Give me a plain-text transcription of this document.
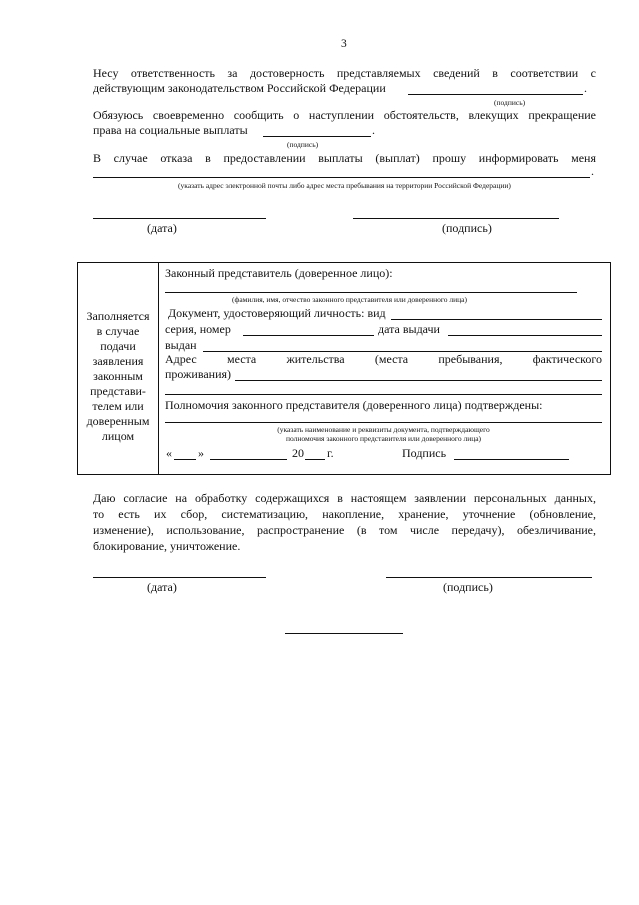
3
Несу ответственность за достоверность представляемых сведений в соответствии с
действующим законодательством Российской Федерации	.
(подпись)
Обязуюсь своевременно сообщить о наступлении обстоятельств, влекущих прекращение
права на социальные выплаты	.
(подпись)
В случае отказа в предоставлении выплаты (выплат) прошу информировать меня
.
(указать адрес электронной почты либо адрес места пребывания на территории Российской Федерации)
(дата)	(подпись)
Заполняется
в случае
подачи
заявления
законным
представи-
телем или
доверенным
лицом
Законный представитель (доверенное лицо):
(фамилия, имя, отчество законного представителя или доверенного лица)
Документ, удостоверяющий личность: вид
серия, номер	дата выдачи
выдан
Адрес	места	жительства	(места	пребывания,	фактического
проживания)
Полномочия законного представителя (доверенного лица) подтверждены:
(указать наименование и реквизиты документа, подтверждающего
полномочия законного представителя или доверенного лица)
« »	20 г.	Подпись
Даю согласие на обработку содержащихся в настоящем заявлении персональных данных,
то есть их сбор, систематизацию, накопление, хранение, уточнение (обновление,
изменение), использование, распространение (в том числе передачу), обезличивание,
блокирование, уничтожение.
(дата)	(подпись)
